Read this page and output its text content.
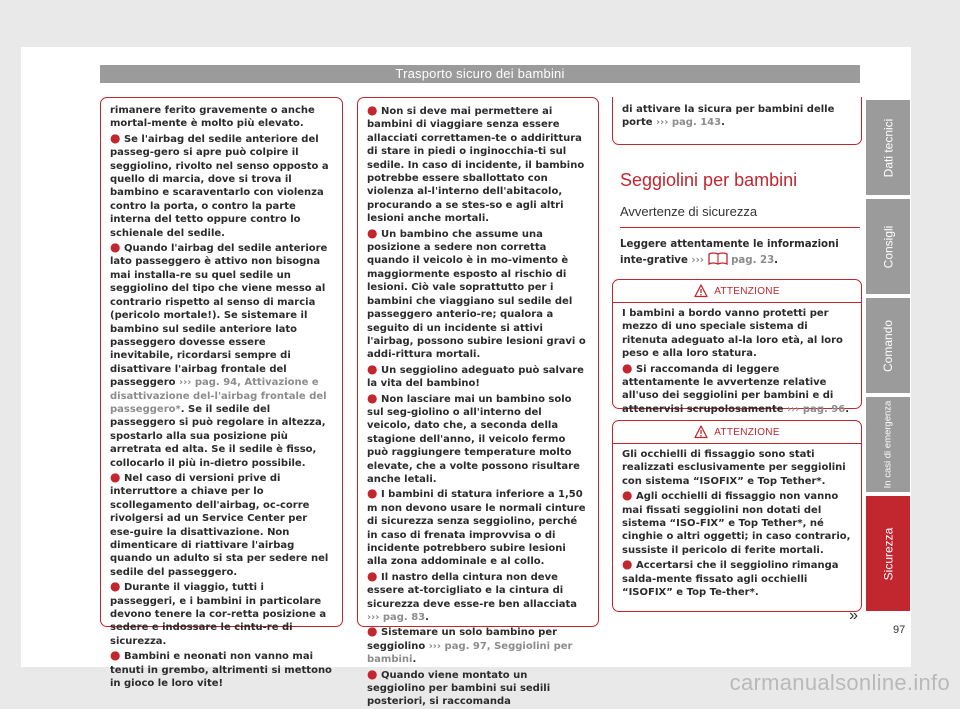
Trasporto sicuro dei bambini

rimanere ferito gravemente o anche mortal-mente è molto più elevato.

● Se l'airbag del sedile anteriore del passeg-gero si apre può colpire il seggiolino, rivolto nel senso opposto a quello di marcia, dove si trova il bambino e scaraventarlo con violenza contro la porta, o contro la parte interna del tetto oppure contro lo schienale del sedile.

● Quando l'airbag del sedile anteriore lato passeggero è attivo non bisogna mai installa-re su quel sedile un seggiolino del tipo che viene messo al contrario rispetto al senso di marcia (pericolo mortale!). Se sistemare il bambino sul sedile anteriore lato passeggero dovesse essere inevitabile, ricordarsi sempre di disattivare l'airbag frontale del passeggero ››› pag. 94, Attivazione e disattivazione del-l'airbag frontale del passeggero*. Se il sedile del passeggero si può regolare in altezza, spostarlo alla sua posizione più arretrata ed alta. Se il sedile è fisso, collocarlo il più in-dietro possibile.

● Nel caso di versioni prive di interruttore a chiave per lo scollegamento dell'airbag, oc-corre rivolgersi ad un Service Center per ese-guire la disattivazione. Non dimenticare di riattivare l'airbag quando un adulto si sta per sedere nel sedile del passeggero.

● Durante il viaggio, tutti i passeggeri, e i bambini in particolare devono tenere la cor-retta posizione a sedere e indossare le cintu-re di sicurezza.

● Bambini e neonati non vanno mai tenuti in grembo, altrimenti si mettono in gioco le loro vite!

● Non si deve mai permettere ai bambini di viaggiare senza essere allacciati correttamen-te o addirittura di stare in piedi o inginocchia-ti sul sedile. In caso di incidente, il bambino potrebbe essere sballottato con violenza al-l'interno dell'abitacolo, procurando a se stes-so e agli altri lesioni anche mortali.

● Un bambino che assume una posizione a sedere non corretta quando il veicolo è in mo-vimento è maggiormente esposto al rischio di lesioni. Ciò vale soprattutto per i bambini che viaggiano sul sedile del passeggero anterio-re; qualora a seguito di un incidente si attivi l'airbag, possono subire lesioni gravi o addi-rittura mortali.

● Un seggiolino adeguato può salvare la vita del bambino!

● Non lasciare mai un bambino solo sul seg-giolino o all'interno del veicolo, dato che, a seconda della stagione dell'anno, il veicolo fermo può raggiungere temperature molto elevate, che a volte possono risultare anche letali.

● I bambini di statura inferiore a 1,50 m non devono usare le normali cinture di sicurezza senza seggiolino, perché in caso di frenata improvvisa o di incidente potrebbero subire lesioni alla zona addominale e al collo.

● Il nastro della cintura non deve essere at-torcigliato e la cintura di sicurezza deve esse-re ben allacciata ››› pag. 83.

● Sistemare un solo bambino per seggiolino ››› pag. 97, Seggiolini per bambini.

● Quando viene montato un seggiolino per bambini sui sedili posteriori, si raccomanda

di attivare la sicura per bambini delle porte ››› pag. 143.

Seggiolini per bambini
Avvertenze di sicurezza

Leggere attentamente le informazioni inte-grative ›››  pag. 23.

ATTENZIONE

I bambini a bordo vanno protetti per mezzo di uno speciale sistema di ritenuta adeguato al-la loro età, al loro peso e alla loro statura.

● Si raccomanda di leggere attentamente le avvertenze relative all'uso dei seggiolini per bambini e di attenervisi scrupolosamente ››› pag. 96.

ATTENZIONE

Gli occhielli di fissaggio sono stati realizzati esclusivamente per seggiolini con sistema “ISOFIX” e Top Tether*.

● Agli occhielli di fissaggio non vanno mai fissati seggiolini non dotati del sistema “ISO-FIX” e Top Tether*, né cinghie o altri oggetti; in caso contrario, sussiste il pericolo di ferite mortali.

● Accertarsi che il seggiolino rimanga salda-mente fissato agli occhielli “ISOFIX” e Top Te-ther*.

»
Dati tecnici
Consigli
Comando
In casi di emergenza
Sicurezza
97
carmanualsonline.info
